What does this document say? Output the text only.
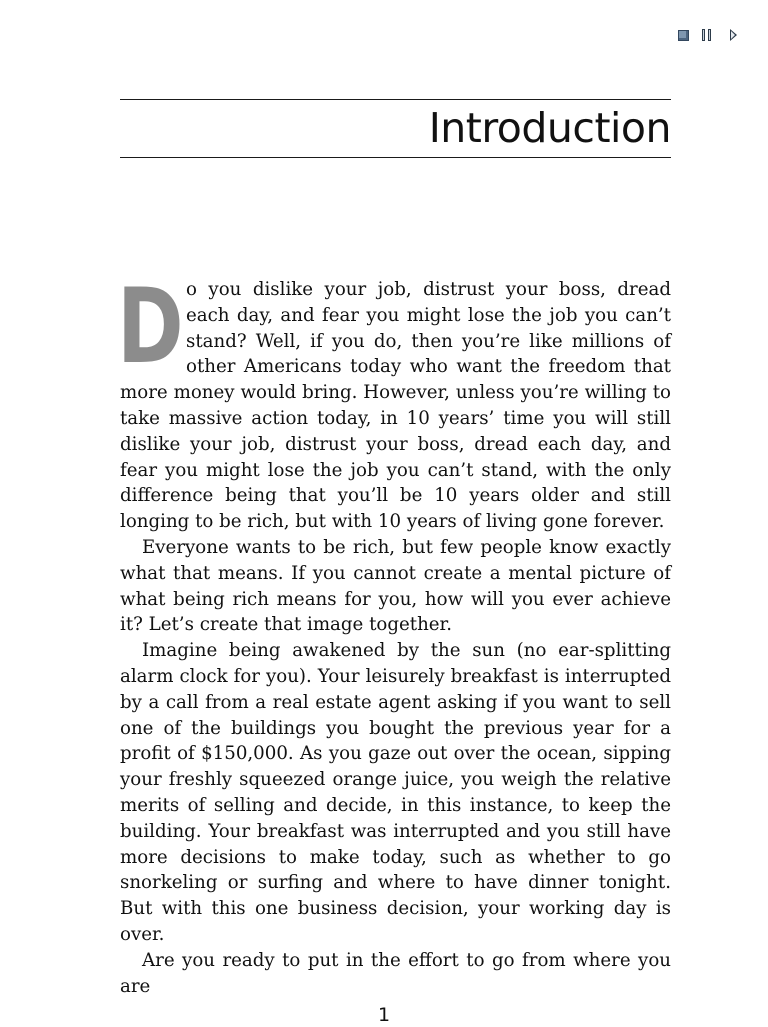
Introduction

Do you dislike your job, distrust your boss, dread each day, and fear you might lose the job you can’t stand? Well, if you do, then you’re like millions of other Americans today who want the freedom that more money would bring. However, unless you’re willing to take massive action today, in 10 years’ time you will still dislike your job, distrust your boss, dread each day, and fear you might lose the job you can’t stand, with the only difference being that you’ll be 10 years older and still longing to be rich, but with 10 years of living gone forever.

Everyone wants to be rich, but few people know exactly what that means. If you cannot create a mental picture of what being rich means for you, how will you ever achieve it? Let’s create that image together.

Imagine being awakened by the sun (no ear-splitting alarm clock for you). Your leisurely breakfast is interrupted by a call from a real estate agent asking if you want to sell one of the buildings you bought the previous year for a profit of $150,000. As you gaze out over the ocean, sipping your freshly squeezed orange juice, you weigh the relative merits of selling and decide, in this instance, to keep the building. Your breakfast was interrupted and you still have more decisions to make today, such as whether to go snorkeling or surfing and where to have dinner tonight. But with this one business decision, your working day is over.

Are you ready to put in the effort to go from where you are

1
